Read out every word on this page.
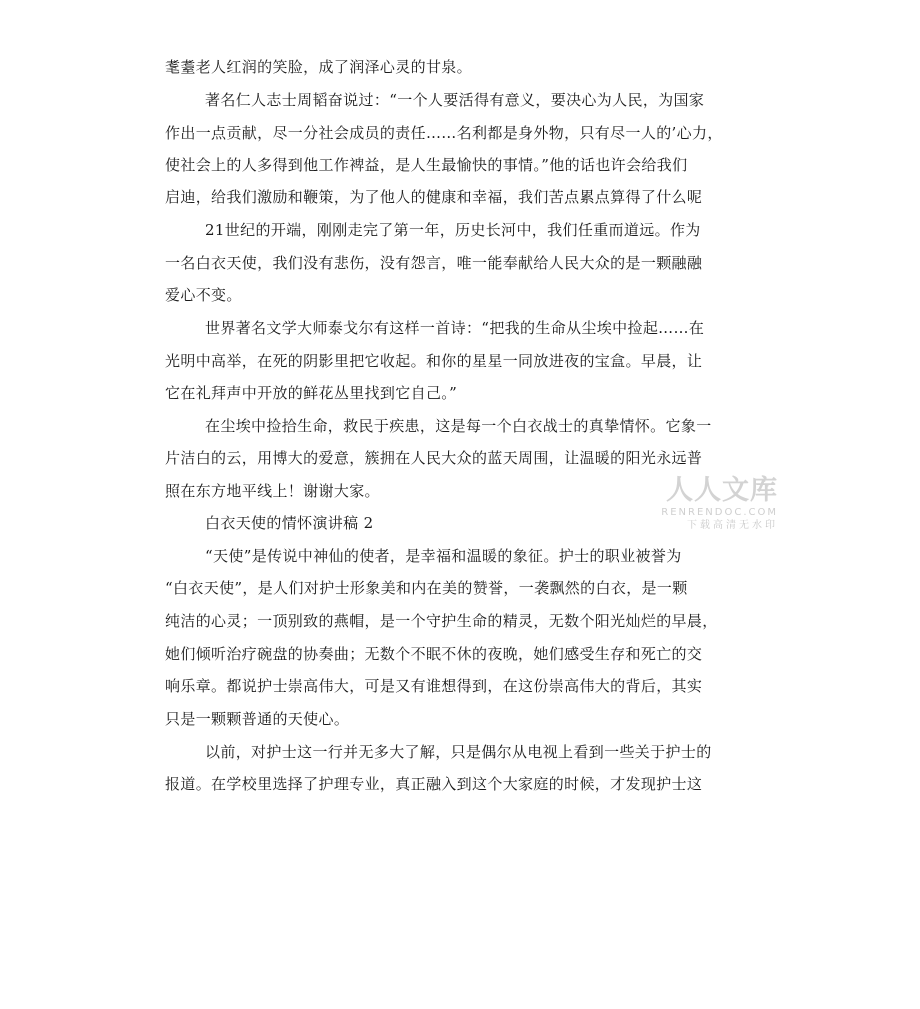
耄耋老人红润的笑脸，成了润泽心灵的甘泉。
著名仁人志士周韬奋说过：“一个人要活得有意义，要决心为人民，为国家
作出一点贡献，尽一分社会成员的责任……名利都是身外物，只有尽一人的’心力，
使社会上的人多得到他工作裨益，是人生最愉快的事情。”他的话也许会给我们
启迪，给我们激励和鞭策，为了他人的健康和幸福，我们苦点累点算得了什么呢
21世纪的开端，刚刚走完了第一年，历史长河中，我们任重而道远。作为
一名白衣天使，我们没有悲伤，没有怨言，唯一能奉献给人民大众的是一颗融融
爱心不变。
世界著名文学大师泰戈尔有这样一首诗：“把我的生命从尘埃中捡起……在
光明中高举，在死的阴影里把它收起。和你的星星一同放进夜的宝盒。早晨，让
它在礼拜声中开放的鲜花丛里找到它自己。”
在尘埃中捡拾生命，救民于疾患，这是每一个白衣战士的真挚情怀。它象一
片洁白的云，用博大的爱意，簇拥在人民大众的蓝天周围，让温暖的阳光永远普
照在东方地平线上！谢谢大家。
白衣天使的情怀演讲稿 2
“天使”是传说中神仙的使者，是幸福和温暖的象征。护士的职业被誉为
“白衣天使”，是人们对护士形象美和内在美的赞誉，一袭飘然的白衣，是一颗
纯洁的心灵；一顶别致的燕帽，是一个守护生命的精灵，无数个阳光灿烂的早晨，
她们倾听治疗碗盘的协奏曲；无数个不眠不休的夜晚，她们感受生存和死亡的交
响乐章。都说护士崇高伟大，可是又有谁想得到，在这份崇高伟大的背后，其实
只是一颗颗普通的天使心。
以前，对护士这一行并无多大了解，只是偶尔从电视上看到一些关于护士的
报道。在学校里选择了护理专业，真正融入到这个大家庭的时候，才发现护士这
人人文库
RENRENDOC.COM
下载高清无水印
